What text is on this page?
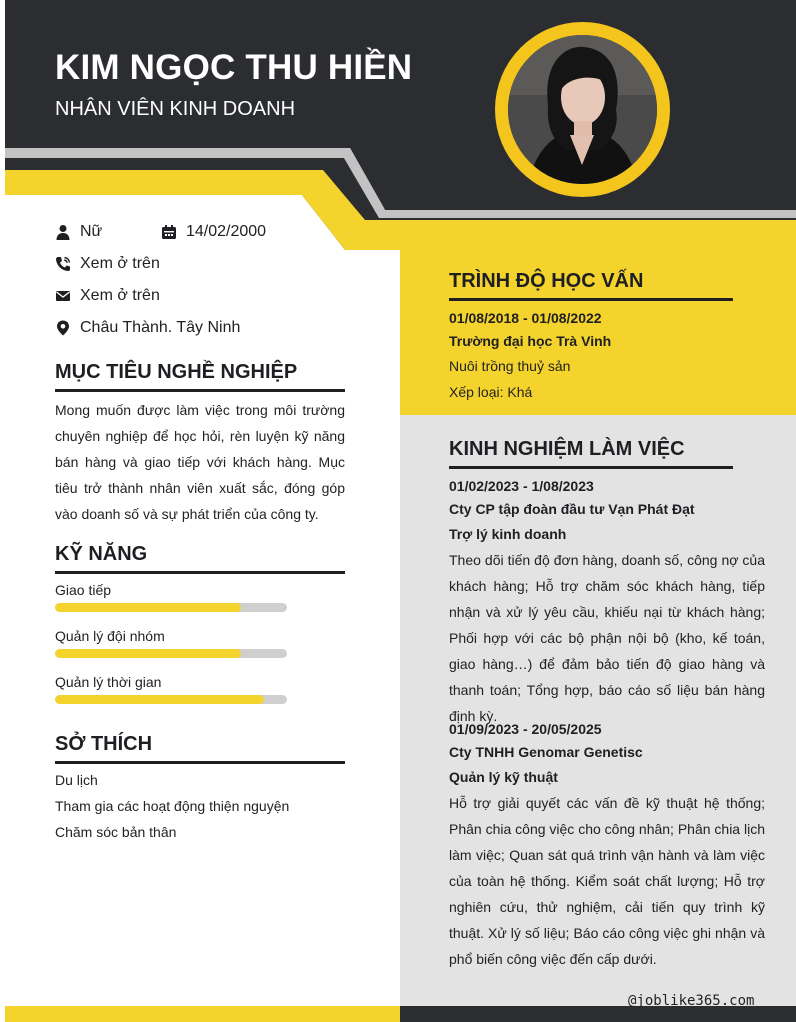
KIM NGỌC THU HIỀN
NHÂN VIÊN KINH DOANH
Nữ	14/02/2000
Xem ở trên
Xem ở trên
Châu Thành. Tây Ninh
MỤC TIÊU NGHỀ NGHIỆP
Mong muốn được làm việc trong môi trường chuyên nghiệp để học hỏi, rèn luyện kỹ năng bán hàng và giao tiếp với khách hàng. Mục tiêu trở thành nhân viên xuất sắc, đóng góp vào doanh số và sự phát triển của công ty.
KỸ NĂNG
Giao tiếp
Quản lý đội nhóm
Quản lý thời gian
SỞ THÍCH
Du lịch
Tham gia các hoạt động thiện nguyện
Chăm sóc bản thân
TRÌNH ĐỘ HỌC VẤN
01/08/2018 - 01/08/2022
Trường đại học Trà Vinh
Nuôi trồng thuỷ sản
Xếp loại: Khá
KINH NGHIỆM LÀM VIỆC
01/02/2023 - 1/08/2023
Cty CP tập đoàn đầu tư Vạn Phát Đạt
Trợ lý kinh doanh
Theo dõi tiến độ đơn hàng, doanh số, công nợ của khách hàng; Hỗ trợ chăm sóc khách hàng, tiếp nhận và xử lý yêu cầu, khiếu nại từ khách hàng; Phối hợp với các bộ phận nội bộ (kho, kế toán, giao hàng…) để đảm bảo tiến độ giao hàng và thanh toán; Tổng hợp, báo cáo số liệu bán hàng định kỳ.
01/09/2023 - 20/05/2025
Cty TNHH Genomar Genetisc
Quản lý kỹ thuật
Hỗ trợ giải quyết các vấn đề kỹ thuật hệ thống; Phân chia công việc cho công nhân; Phân chia lịch làm việc; Quan sát quá trình vận hành và làm việc của toàn hệ thống. Kiểm soát chất lượng; Hỗ trợ nghiên cứu, thử nghiệm, cải tiến quy trình kỹ thuật. Xử lý số liệu; Báo cáo công việc ghi nhận và phổ biến công việc đến cấp dưới.
@joblike365.com
